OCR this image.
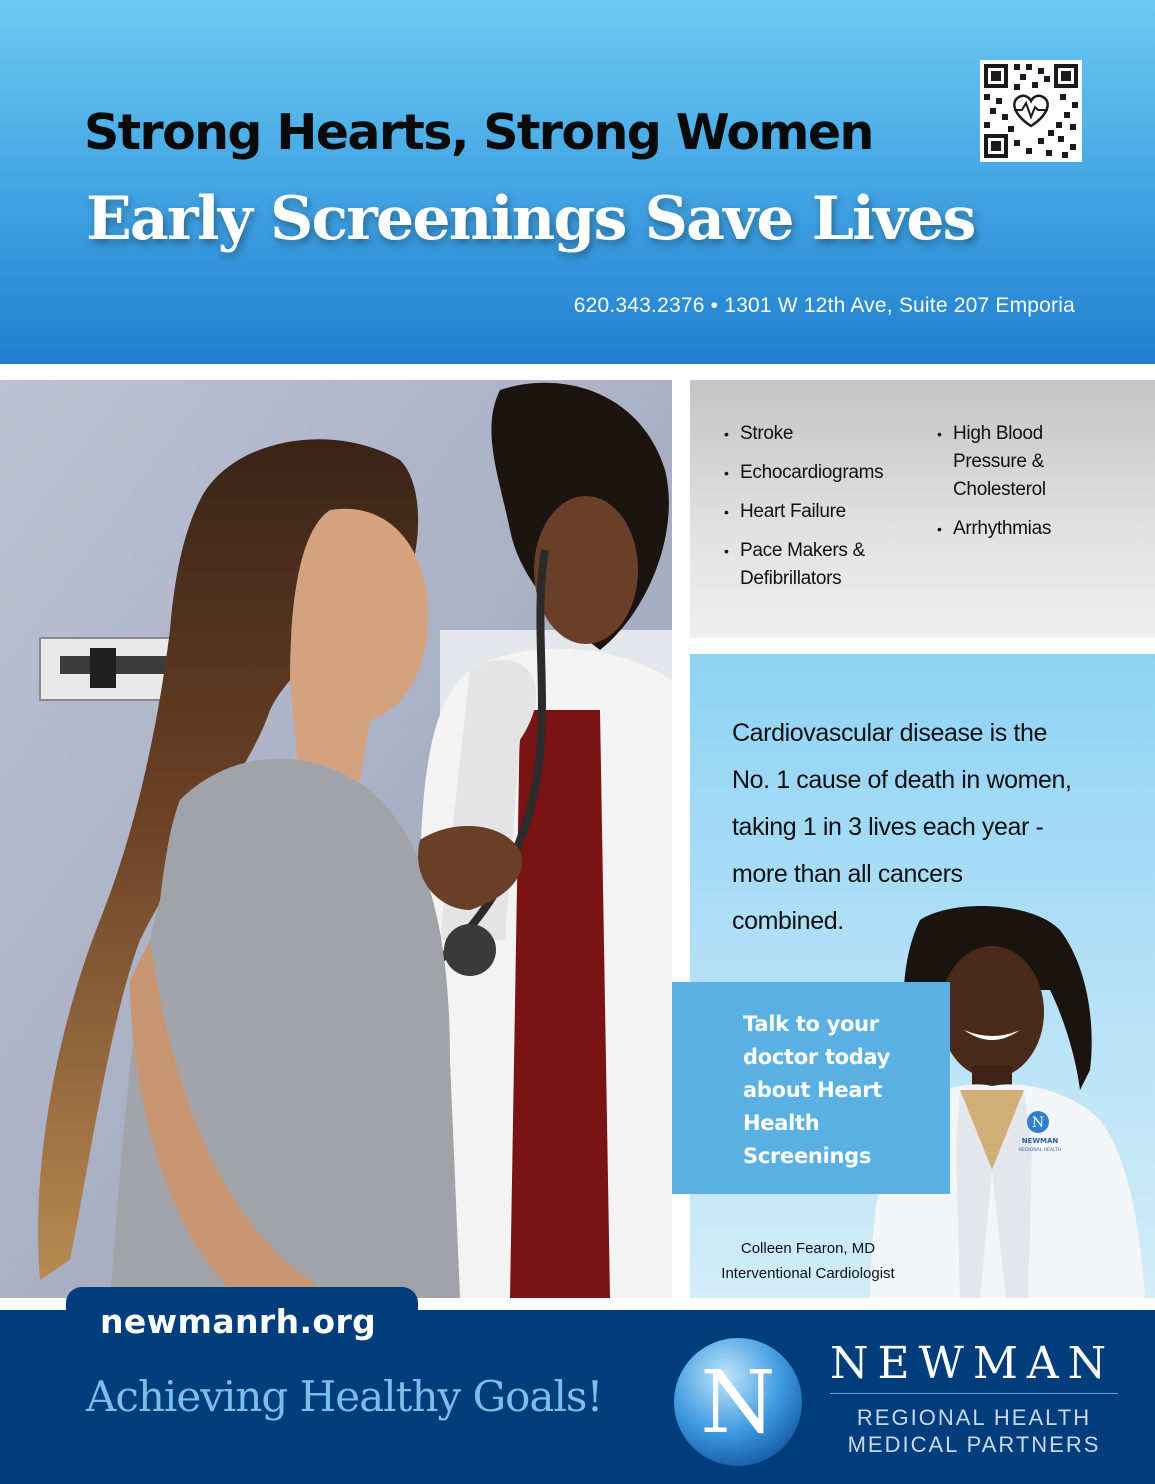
Strong Hearts, Strong Women
Early Screenings Save Lives
620.343.2376 • 1301 W 12th Ave, Suite 207 Emporia
• Stroke
• Echocardiograms
• Heart Failure
• Pace Makers &
Defibrillators
• High Blood
Pressure &
Cholesterol
• Arrhythmias
Cardiovascular disease is the
No. 1 cause of death in women,
taking 1 in 3 lives each year -
more than all cancers
combined.
N
NEWMAN
REGIONAL HEALTH
Talk to your
doctor today
about Heart
Health
Screenings
Colleen Fearon, MD
Interventional Cardiologist
newmanrh.org
Achieving Healthy Goals! N NEWMAN
REGIONAL HEALTH
MEDICAL PARTNERS
